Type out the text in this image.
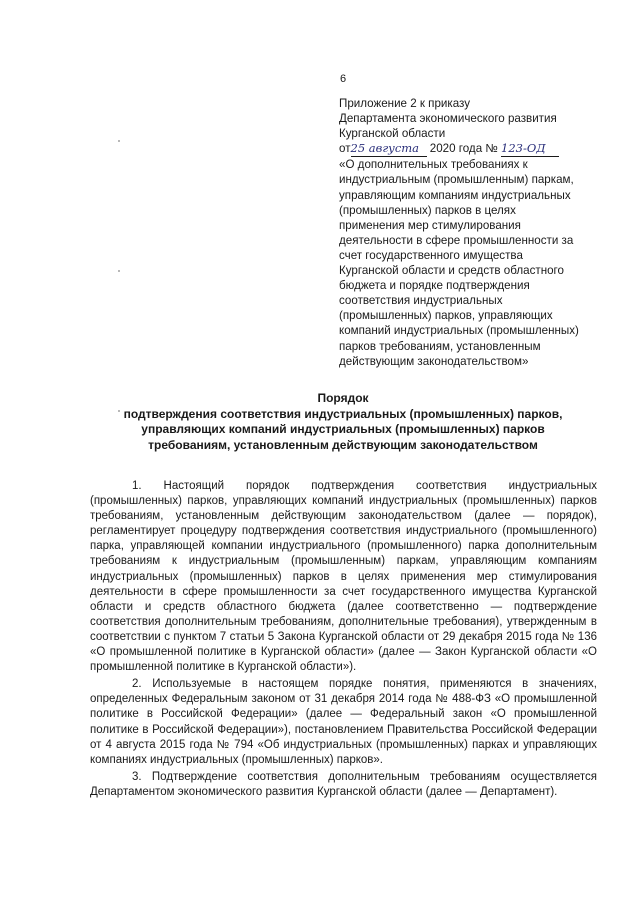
6
Приложение 2 к приказу
Департамента экономического развития
Курганской области
от25 августа 2020 года № 123-ОД
«О дополнительных требованиях к
индустриальным (промышленным) паркам,
управляющим компаниям индустриальных
(промышленных) парков в целях
применения мер стимулирования
деятельности в сфере промышленности за
счет государственного имущества
Курганской области и средств областного
бюджета и порядке подтверждения
соответствия индустриальных
(промышленных) парков, управляющих
компаний индустриальных (промышленных)
парков требованиям, установленным
действующим законодательством»
Порядок
подтверждения соответствия индустриальных (промышленных) парков,
управляющих компаний индустриальных (промышленных) парков
требованиям, установленным действующим законодательством

1. Настоящий порядок подтверждения соответствия индустриальных (промышленных) парков, управляющих компаний индустриальных (промышленных) парков требованиям, установленным действующим законодательством (далее — порядок), регламентирует процедуру подтверждения соответствия индустриального (промышленного) парка, управляющей компании индустриального (промышленного) парка дополнительным требованиям к индустриальным (промышленным) паркам, управляющим компаниям индустриальных (промышленных) парков в целях применения мер стимулирования деятельности в сфере промышленности за счет государственного имущества Курганской области и средств областного бюджета (далее соответственно — подтверждение соответствия дополнительным требованиям, дополнительные требования), утвержденным в соответствии с пунктом 7 статьи 5 Закона Курганской области от 29 декабря 2015 года № 136 «О промышленной политике в Курганской области» (далее — Закон Курганской области «О промышленной политике в Курганской области»).

2. Используемые в настоящем порядке понятия, применяются в значениях, определенных Федеральным законом от 31 декабря 2014 года № 488-ФЗ «О промышленной политике в Российской Федерации» (далее — Федеральный закон «О промышленной политике в Российской Федерации»), постановлением Правительства Российской Федерации от 4 августа 2015 года № 794 «Об индустриальных (промышленных) парках и управляющих компаниях индустриальных (промышленных) парков».

3. Подтверждение соответствия дополнительным требованиям осуществляется Департаментом экономического развития Курганской области (далее — Департамент).
